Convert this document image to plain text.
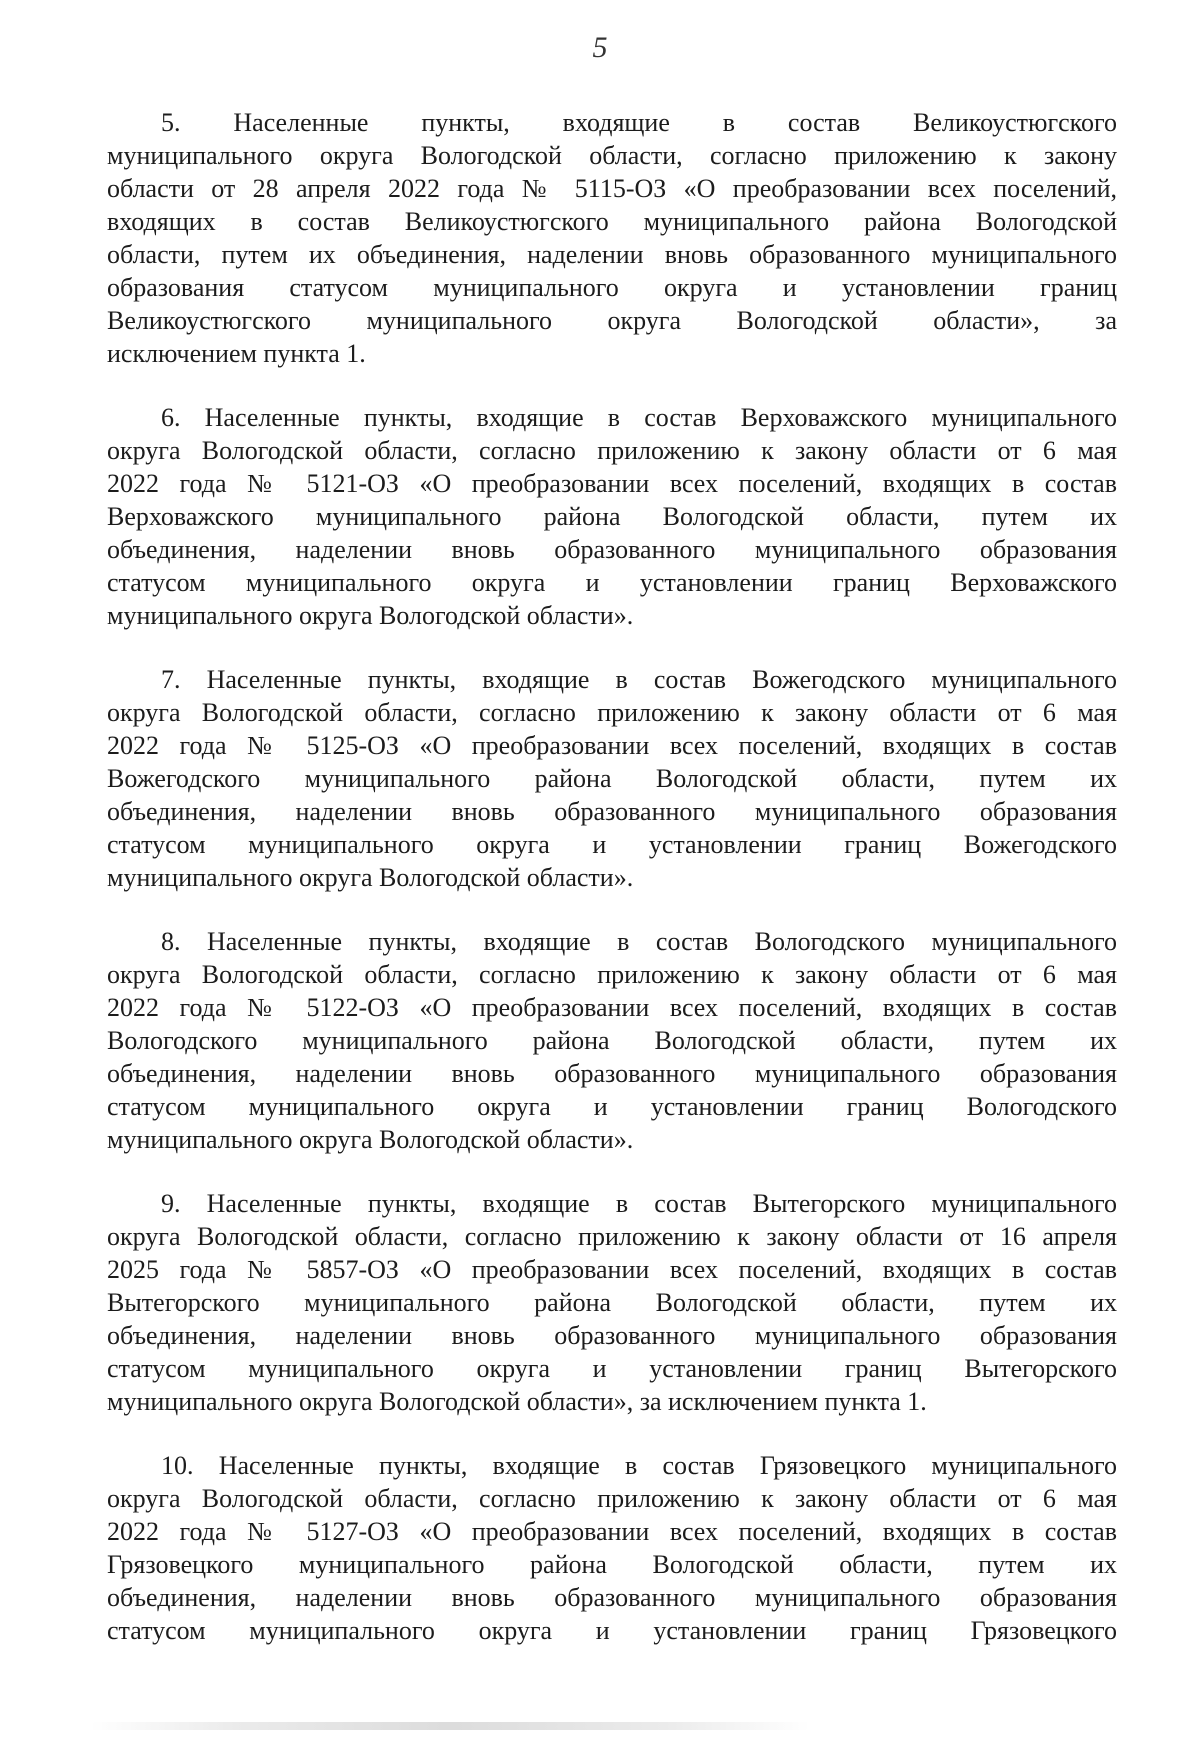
5
5. Населенные пункты, входящие в состав Великоустюгского
муниципального округа Вологодской области, согласно приложению к закону
области от 28 апреля 2022 года № 5115-ОЗ «О преобразовании всех поселений,
входящих в состав Великоустюгского муниципального района Вологодской
области, путем их объединения, наделении вновь образованного муниципального
образования статусом муниципального округа и установлении границ
Великоустюгского муниципального округа Вологодской области», за
исключением пункта 1.
6. Населенные пункты, входящие в состав Верховажского муниципального
округа Вологодской области, согласно приложению к закону области от 6 мая
2022 года № 5121-ОЗ «О преобразовании всех поселений, входящих в состав
Верховажского муниципального района Вологодской области, путем их
объединения, наделении вновь образованного муниципального образования
статусом муниципального округа и установлении границ Верховажского
муниципального округа Вологодской области».
7. Населенные пункты, входящие в состав Вожегодского муниципального
округа Вологодской области, согласно приложению к закону области от 6 мая
2022 года № 5125-ОЗ «О преобразовании всех поселений, входящих в состав
Вожегодского муниципального района Вологодской области, путем их
объединения, наделении вновь образованного муниципального образования
статусом муниципального округа и установлении границ Вожегодского
муниципального округа Вологодской области».
8. Населенные пункты, входящие в состав Вологодского муниципального
округа Вологодской области, согласно приложению к закону области от 6 мая
2022 года № 5122-ОЗ «О преобразовании всех поселений, входящих в состав
Вологодского муниципального района Вологодской области, путем их
объединения, наделении вновь образованного муниципального образования
статусом муниципального округа и установлении границ Вологодского
муниципального округа Вологодской области».
9. Населенные пункты, входящие в состав Вытегорского муниципального
округа Вологодской области, согласно приложению к закону области от 16 апреля
2025 года № 5857-ОЗ «О преобразовании всех поселений, входящих в состав
Вытегорского муниципального района Вологодской области, путем их
объединения, наделении вновь образованного муниципального образования
статусом муниципального округа и установлении границ Вытегорского
муниципального округа Вологодской области», за исключением пункта 1.
10. Населенные пункты, входящие в состав Грязовецкого муниципального
округа Вологодской области, согласно приложению к закону области от 6 мая
2022 года № 5127-ОЗ «О преобразовании всех поселений, входящих в состав
Грязовецкого муниципального района Вологодской области, путем их
объединения, наделении вновь образованного муниципального образования
статусом муниципального округа и установлении границ Грязовецкого
